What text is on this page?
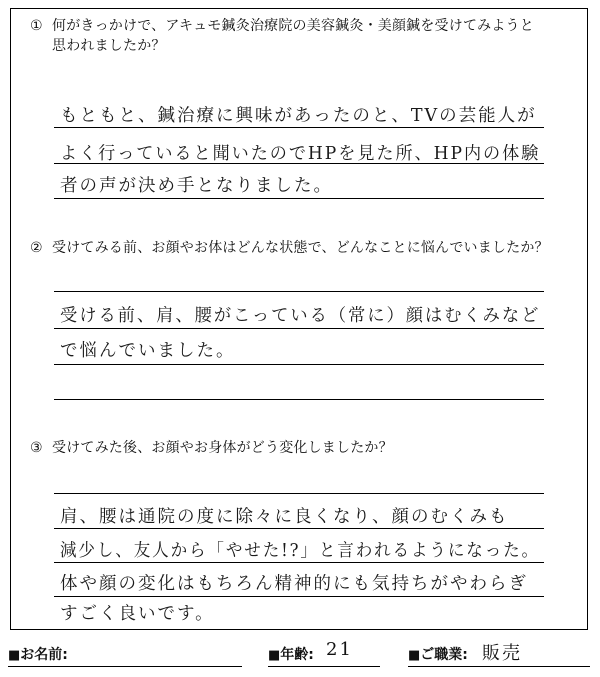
① 何がきっかけで、アキュモ鍼灸治療院の美容鍼灸・美顔鍼を受けてみようと
思われましたか？
もともと、鍼治療に興味があったのと、TVの芸能人が
よく行っていると聞いたのでHPを見た所、HP内の体験
者の声が決め手となりました。
② 受けてみる前、お顔やお体はどんな状態で、どんなことに悩んでいましたか？
受ける前、肩、腰がこっている（常に）顔はむくみなど
で悩んでいました。
③ 受けてみた後、お顔やお身体がどう変化しましたか？
肩、腰は通院の度に除々に良くなり、顔のむくみも
減少し、友人から「やせた!?」と言われるようになった。
体や顔の変化はもちろん精神的にも気持ちがやわらぎ
すごく良いです。
■お名前:	■年齢: 21	■ご職業: 販売
